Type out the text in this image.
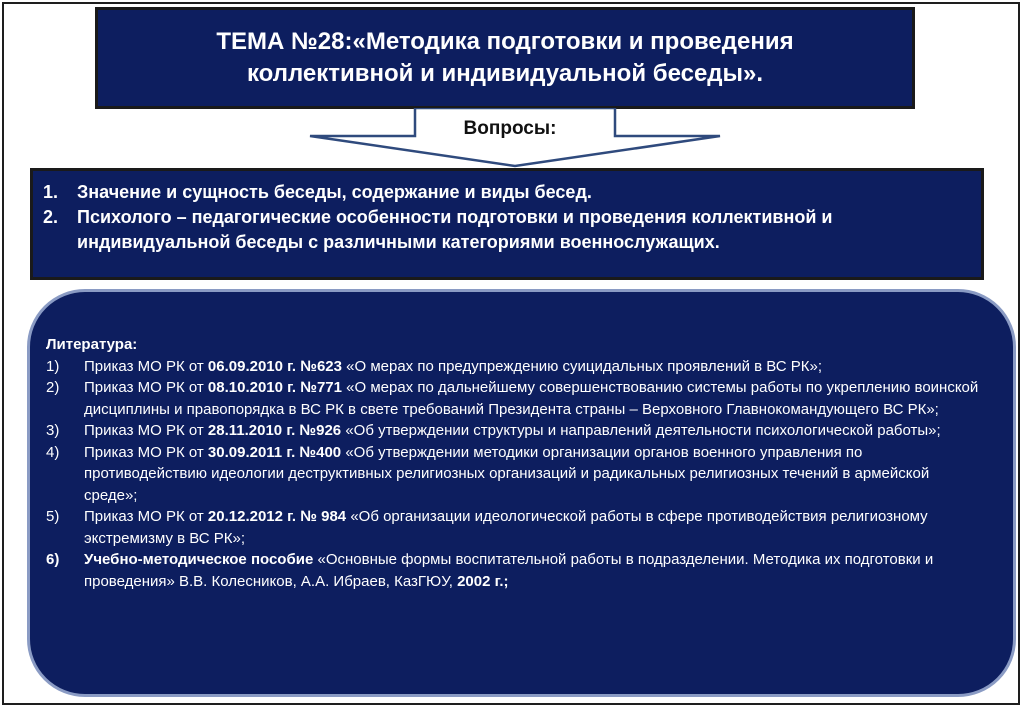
ТЕМА №28:«Методика подготовки и проведения
коллективной и индивидуальной беседы».
Вопросы:
1.	Значение и сущность беседы, содержание и виды бесед.
2.	Психолого – педагогические особенности подготовки и проведения коллективной и индивидуальной беседы с различными категориями военнослужащих.
Литература:
1)	Приказ МО РК от 06.09.2010 г. №623 «О мерах по предупреждению суицидальных проявлений в ВС РК»;
2)	Приказ МО РК от 08.10.2010 г. №771 «О мерах по дальнейшему совершенствованию системы работы по укреплению воинской дисциплины и правопорядка в ВС РК в свете требований Президента страны – Верховного Главнокомандующего ВС РК»;
3)	Приказ МО РК от 28.11.2010 г. №926 «Об утверждении структуры и направлений деятельности психологической работы»;
4)	Приказ МО РК от 30.09.2011 г. №400 «Об утверждении методики организации органов военного управления по противодействию идеологии деструктивных религиозных организаций и радикальных религиозных течений в армейской среде»;
5)	Приказ МО РК от 20.12.2012 г. № 984 «Об организации идеологической работы в сфере противодействия религиозному экстремизму в ВС РК»;
6)	Учебно-методическое пособие «Основные формы воспитательной работы в подразделении. Методика их подготовки и проведения» В.В. Колесников, А.А. Ибраев, КазГЮУ, 2002 г.;
